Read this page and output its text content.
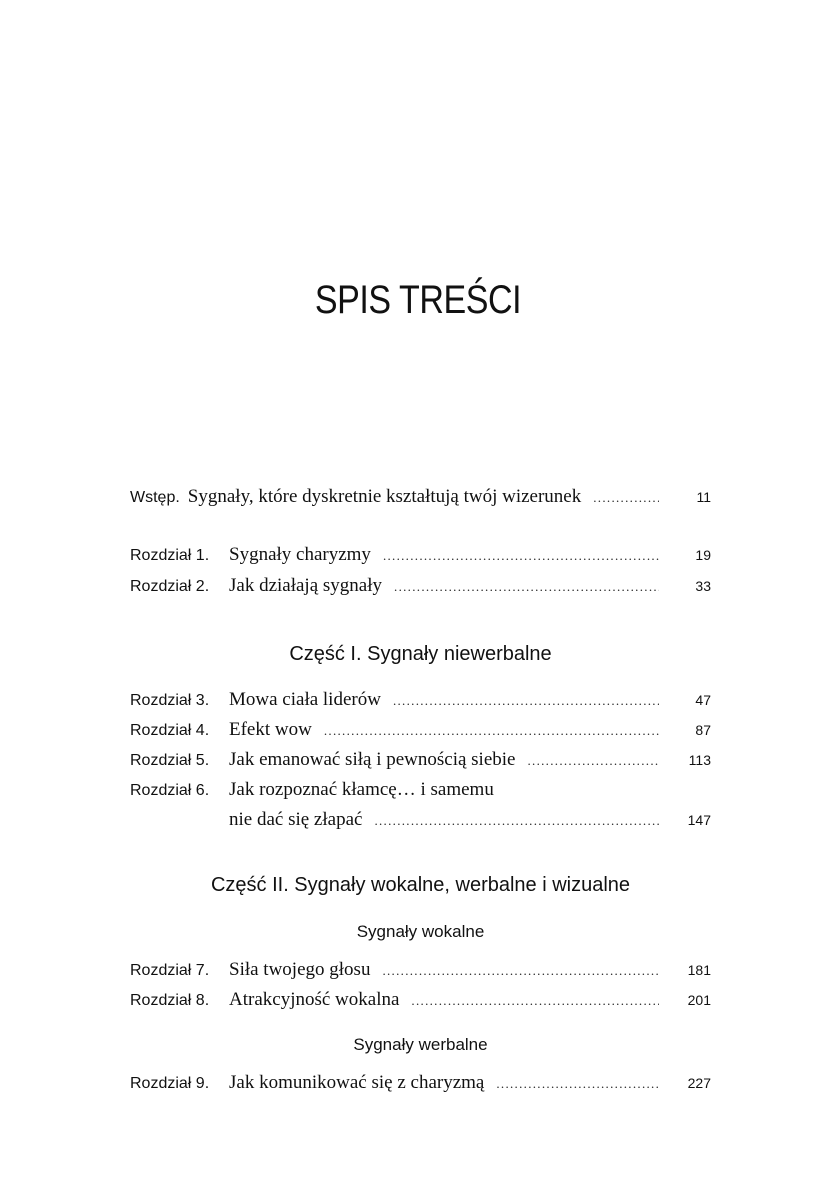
SPIS TREŚCI
Wstęp. Sygnały, które dyskretnie kształtują twój wizerunek .....	11
Rozdział 1.	Sygnały charyzmy .....	19
Rozdział 2.	Jak działają sygnały .....	33
Część I. Sygnały niewerbalne
Rozdział 3.	Mowa ciała liderów .....	47
Rozdział 4.	Efekt wow .....	87
Rozdział 5.	Jak emanować siłą i pewnością siebie .....	113
Rozdział 6.	Jak rozpoznać kłamcę… i samemu
nie dać się złapać .....	147
Część II. Sygnały wokalne, werbalne i wizualne
Sygnały wokalne
Rozdział 7.	Siła twojego głosu .....	181
Rozdział 8.	Atrakcyjność wokalna .....	201
Sygnały werbalne
Rozdział 9.	Jak komunikować się z charyzmą .....	227
